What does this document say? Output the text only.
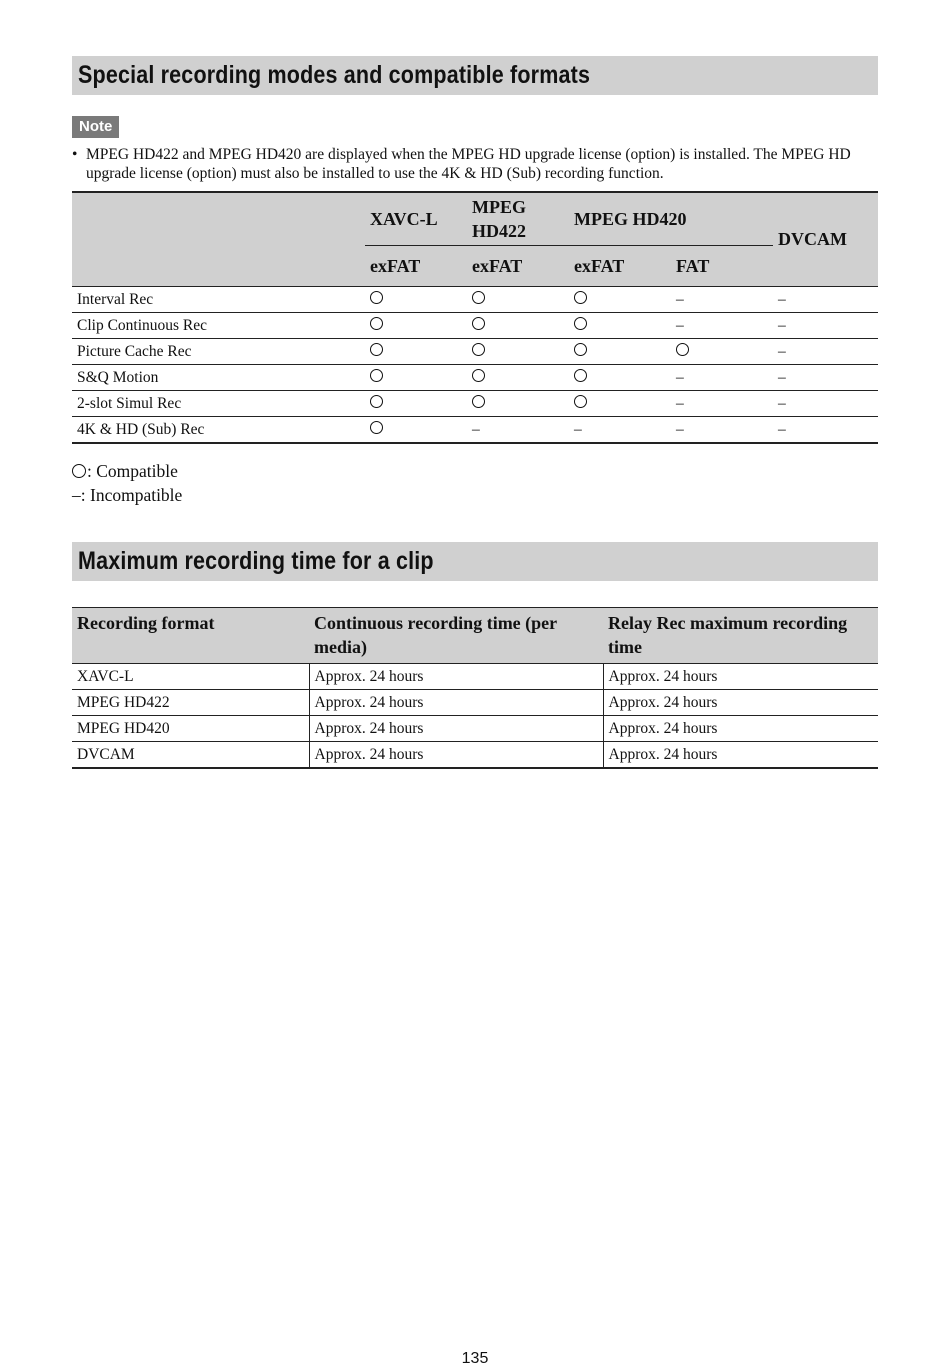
Special recording modes and compatible formats
Note

• MPEG HD422 and MPEG HD420 are displayed when the MPEG HD upgrade license (option) is installed. The MPEG HD upgrade license (option) must also be installed to use the 4K & HD (Sub) recording function.

	XAVC-L	MPEG
HD422	MPEG HD420		DVCAM
	exFAT	exFAT	exFAT	FAT	
Interval Rec				–	–
Clip Continuous Rec				–	–
Picture Cache Rec					–
S&Q Motion				–	–
2-slot Simul Rec				–	–
4K & HD (Sub) Rec		–	–	–	–
: Compatible
–: Incompatible
Maximum recording time for a clip
Recording format	Continuous recording time (per media)	Relay Rec maximum recording time
XAVC-L	Approx. 24 hours	Approx. 24 hours
MPEG HD422	Approx. 24 hours	Approx. 24 hours
MPEG HD420	Approx. 24 hours	Approx. 24 hours
DVCAM	Approx. 24 hours	Approx. 24 hours
135
